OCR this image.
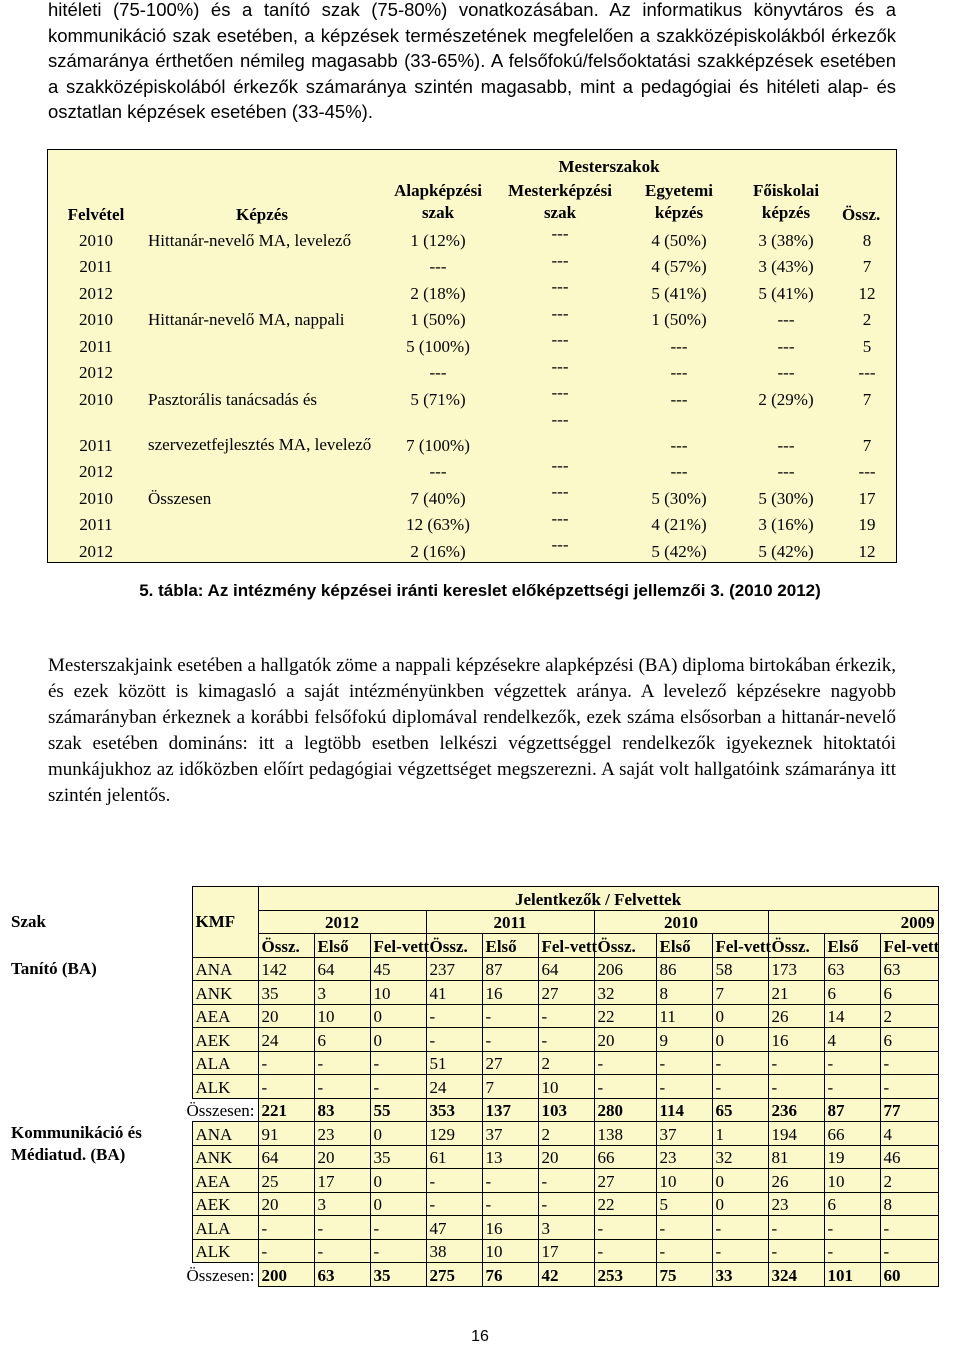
hitéleti (75-100%) és a tanító szak (75-80%) vonatkozásában. Az informatikus könyvtáros és a kommunikáció szak esetében, a képzések természetének megfelelően a szakközépiskolákból érkezők számaránya érthetően némileg magasabb (33-65%). A felsőfokú/felsőoktatási szakképzések esetében a szakközépiskolából érkezők számaránya szintén magasabb, mint a pedagógiai és hitéleti alap- és osztatlan képzések esetében (33-45%).

		Mesterszakok				
Felvétel	Képzés	Alapképzési szak	Mesterképzési szak	Egyetemi képzés	Főiskolai képzés	Össz.
2010	Hittanár-nevelő MA, levelező	1 (12%)	---	4 (50%)	3 (38%)	8
2011		---	---	4 (57%)	3 (43%)	7
2012		2 (18%)	---	5 (41%)	5 (41%)	12
2010	Hittanár-nevelő MA, nappali	1 (50%)	---	1 (50%)	---	2
2011		5 (100%)	---	---	---	5
2012		---	---	---	---	---
2010	Pasztorális tanácsadás és	5 (71%)	---	---	2 (29%)	7
2011	szervezetfejlesztés MA, levelező	7 (100%)	---	---	---	7
2012		---	---	---	---	---
2010	Összesen	7 (40%)	---	5 (30%)	5 (30%)	17
2011		12 (63%)	---	4 (21%)	3 (16%)	19
2012		2 (16%)	---	5 (42%)	5 (42%)	12
5. tábla: Az intézmény képzései iránti kereslet előképzettségi jellemzői 3. (2010 2012)

Mesterszakjaink esetében a hallgatók zöme a nappali képzésekre alapképzési (BA) diploma birtokában érkezik, és ezek között is kimagasló a saját intézményünkben végzettek aránya. A levelező képzésekre nagyobb számarányban érkeznek a korábbi felsőfokú diplomával rendelkezők, ezek száma elsősorban a hittanár-nevelő szak esetében domináns: itt a legtöbb esetben lelkészi végzettséggel rendelkezők igyekeznek hitoktatói munkájukhoz az időközben előírt pedagógiai végzettséget megszerezni. A saját volt hallgatóink számaránya itt szintén jelentős.

Szak	KMF	Jelentkezők / Felvettek											
		2012			2011			2010			2009		
		Össz.	Első	Fel-vett	Össz.	Első	Fel-vett	Össz.	Első	Fel-vett	Össz.	Első	Fel-vett
Tanító (BA)	ANA	142	64	45	237	87	64	206	86	58	173	63	63
	ANK	35	3	10	41	16	27	32	8	7	21	6	6
	AEA	20	10	0	-	-	-	22	11	0	26	14	2
	AEK	24	6	0	-	-	-	20	9	0	16	4	6
	ALA	-	-	-	51	27	2	-	-	-	-	-	-
	ALK	-	-	-	24	7	10	-	-	-	-	-	-
Összesen:		221	83	55	353	137	103	280	114	65	236	87	77
Kommunikáció és Médiatud. (BA)	ANA	91	23	0	129	37	2	138	37	1	194	66	4
	ANK	64	20	35	61	13	20	66	23	32	81	19	46
	AEA	25	17	0	-	-	-	27	10	0	26	10	2
	AEK	20	3	0	-	-	-	22	5	0	23	6	8
	ALA	-	-	-	47	16	3	-	-	-	-	-	-
	ALK	-	-	-	38	10	17	-	-	-	-	-	-
Összesen:		200	63	35	275	76	42	253	75	33	324	101	60
16
